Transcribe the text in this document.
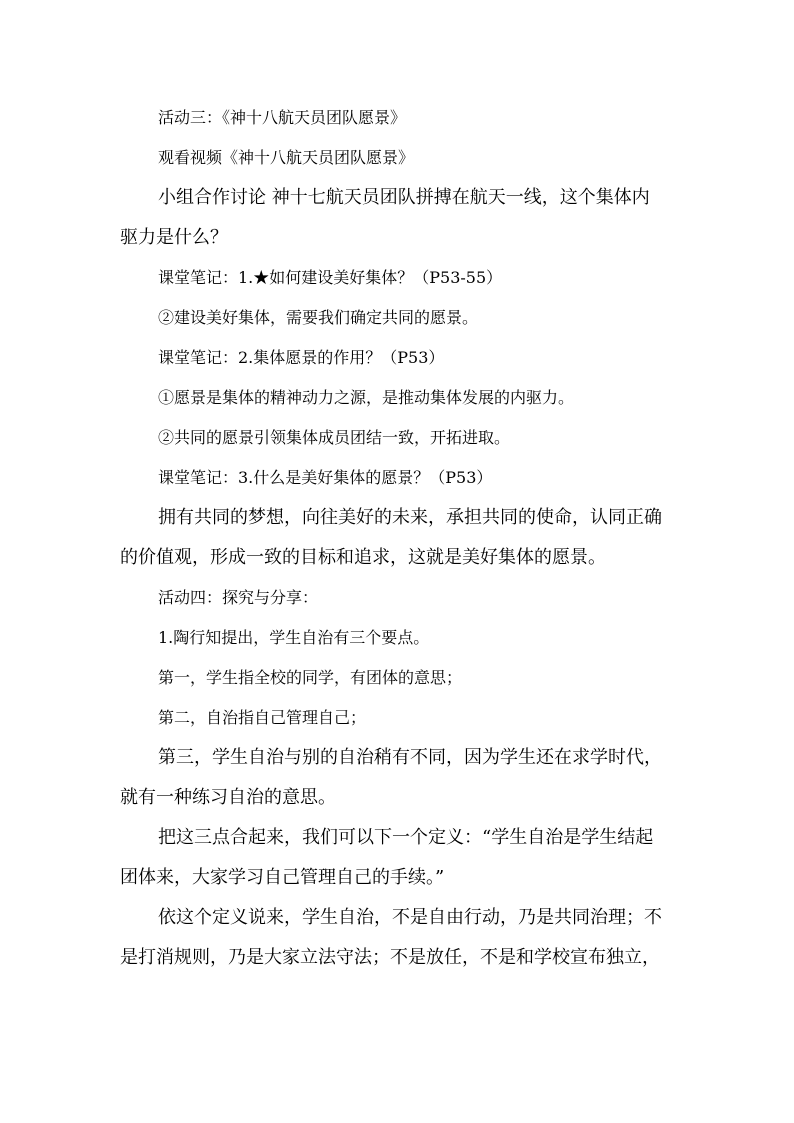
活动三：《神十八航天员团队愿景》

观看视频《神十八航天员团队愿景》

小组合作讨论 神十七航天员团队拼搏在航天一线，这个集体内
驱力是什么？

课堂笔记：1.★如何建设美好集体？（P53-55）

②建设美好集体，需要我们确定共同的愿景。

课堂笔记：2.集体愿景的作用？（P53）

①愿景是集体的精神动力之源，是推动集体发展的内驱力。

②共同的愿景引领集体成员团结一致，开拓进取。

课堂笔记：3.什么是美好集体的愿景？（P53）

拥有共同的梦想，向往美好的未来，承担共同的使命，认同正确
的价值观，形成一致的目标和追求，这就是美好集体的愿景。

活动四：探究与分享：

1.陶行知提出，学生自治有三个要点。

第一，学生指全校的同学，有团体的意思；

第二，自治指自己管理自己；

第三，学生自治与别的自治稍有不同，因为学生还在求学时代，
就有一种练习自治的意思。

把这三点合起来，我们可以下一个定义：“学生自治是学生结起
团体来，大家学习自己管理自己的手续。”

依这个定义说来，学生自治，不是自由行动，乃是共同治理；不
是打消规则，乃是大家立法守法；不是放任，不是和学校宣布独立，
